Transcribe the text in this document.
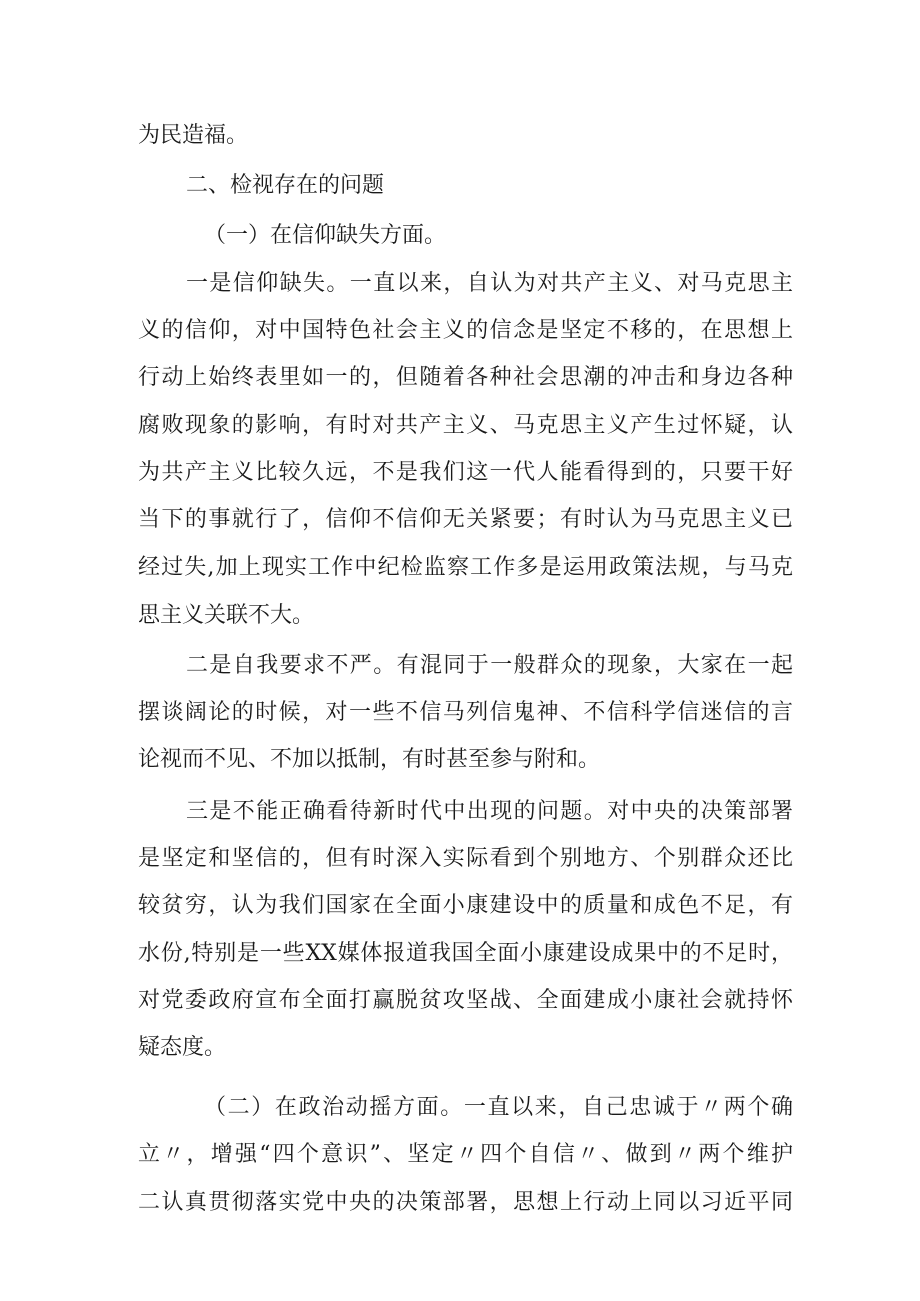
为民造福。
二、检视存在的问题
（一）在信仰缺失方面。
一是信仰缺失。一直以来，自认为对共产主义、对马克思主
义的信仰，对中国特色社会主义的信念是坚定不移的，在思想上
行动上始终表里如一的，但随着各种社会思潮的冲击和身边各种
腐败现象的影响，有时对共产主义、马克思主义产生过怀疑，认
为共产主义比较久远，不是我们这一代人能看得到的，只要干好
当下的事就行了，信仰不信仰无关紧要；有时认为马克思主义已
经过失,加上现实工作中纪检监察工作多是运用政策法规，与马克
思主义关联不大。
二是自我要求不严。有混同于一般群众的现象，大家在一起
摆谈阔论的时候，对一些不信马列信鬼神、不信科学信迷信的言
论视而不见、不加以抵制，有时甚至参与附和。
三是不能正确看待新时代中出现的问题。对中央的决策部署
是坚定和坚信的，但有时深入实际看到个别地方、个别群众还比
较贫穷，认为我们国家在全面小康建设中的质量和成色不足，有
水份,特别是一些XX媒体报道我国全面小康建设成果中的不足时，
对党委政府宣布全面打赢脱贫攻坚战、全面建成小康社会就持怀
疑态度。
（二）在政治动摇方面。一直以来，自己忠诚于〃两个确
立〃，增强“四个意识”、坚定〃四个自信〃、做到〃两个维护
二认真贯彻落实党中央的决策部署，思想上行动上同以习近平同
